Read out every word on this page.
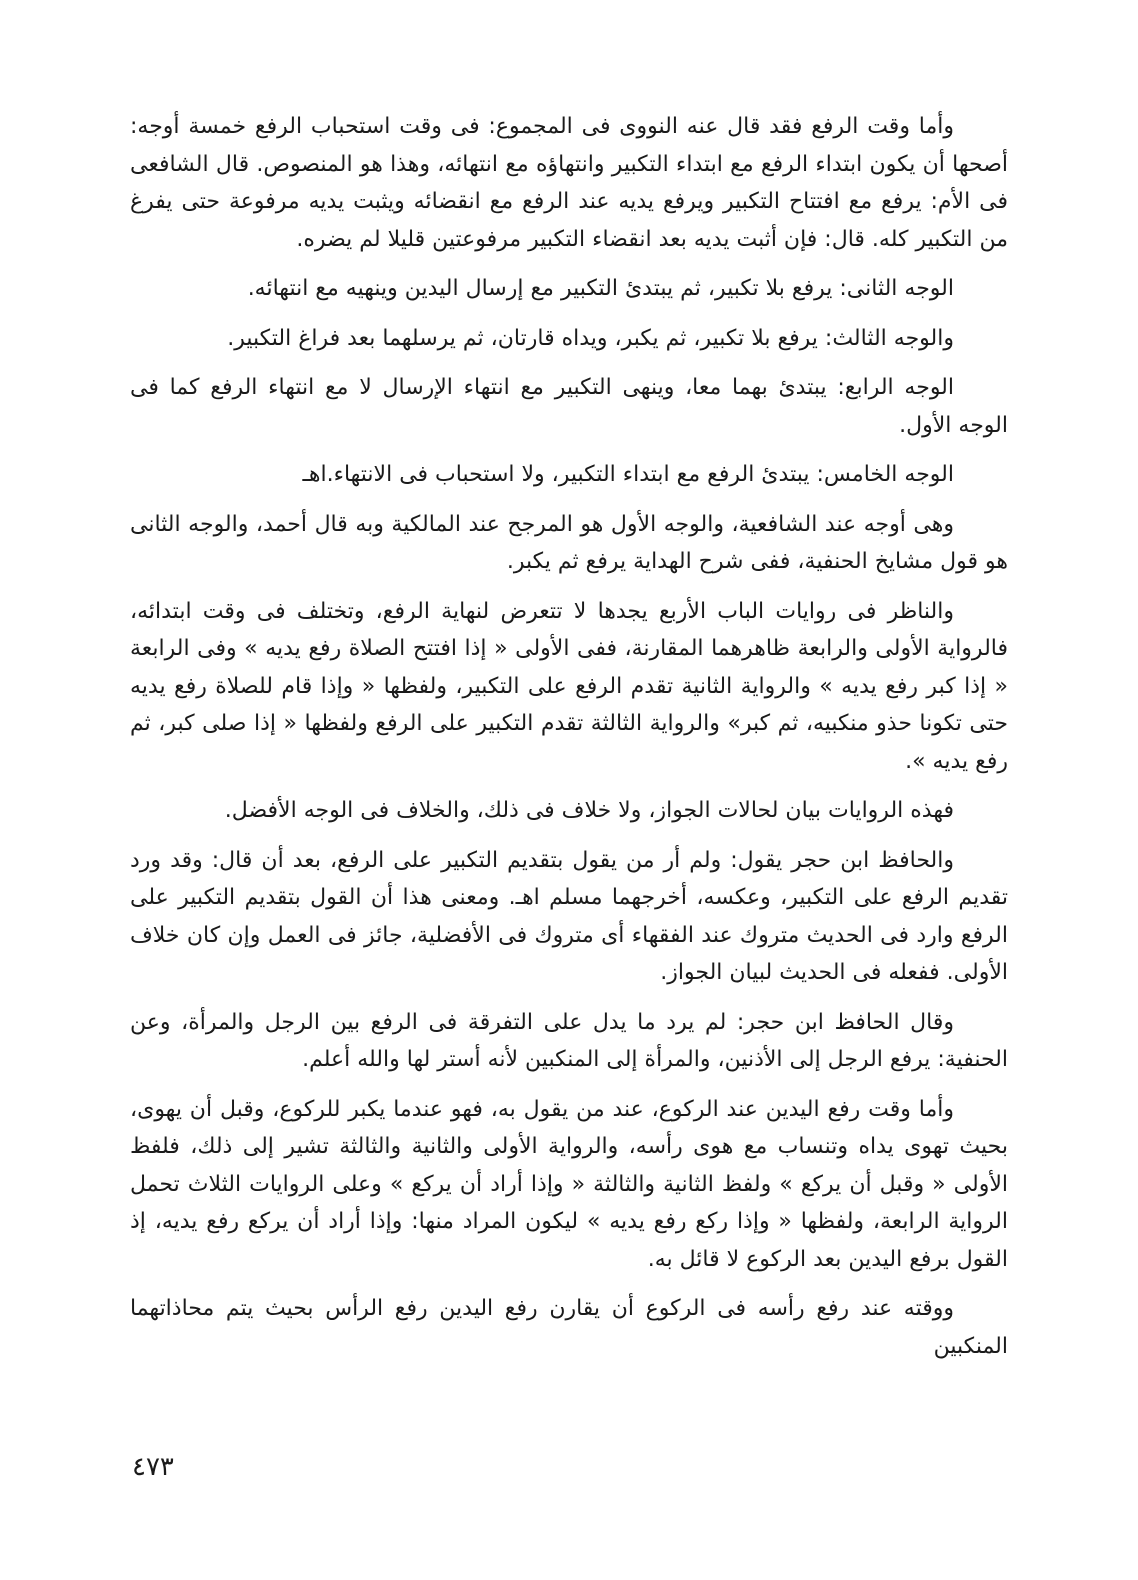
وأما وقت الرفع فقد قال عنه النووى فى المجموع: فى وقت استحباب الرفع خمسة أوجه: أصحها أن يكون ابتداء الرفع مع ابتداء التكبير وانتهاؤه مع انتهائه، وهذا هو المنصوص. قال الشافعى فى الأم: يرفع مع افتتاح التكبير ويرفع يديه عند الرفع مع انقضائه ويثبت يديه مرفوعة حتى يفرغ من التكبير كله. قال: فإن أثبت يديه بعد انقضاء التكبير مرفوعتين قليلا لم يضره.

الوجه الثانى: يرفع بلا تكبير، ثم يبتدئ التكبير مع إرسال اليدين وينهيه مع انتهائه.

والوجه الثالث: يرفع بلا تكبير، ثم يكبر، ويداه قارتان، ثم يرسلهما بعد فراغ التكبير.

الوجه الرابع: يبتدئ بهما معا، وينهى التكبير مع انتهاء الإرسال لا مع انتهاء الرفع كما فى الوجه الأول.

الوجه الخامس: يبتدئ الرفع مع ابتداء التكبير، ولا استحباب فى الانتهاء.اهـ

وهى أوجه عند الشافعية، والوجه الأول هو المرجح عند المالكية وبه قال أحمد، والوجه الثانى هو قول مشايخ الحنفية، ففى شرح الهداية يرفع ثم يكبر.

والناظر فى روايات الباب الأربع يجدها لا تتعرض لنهاية الرفع، وتختلف فى وقت ابتدائه، فالرواية الأولى والرابعة ظاهرهما المقارنة، ففى الأولى « إذا افتتح الصلاة رفع يديه » وفى الرابعة « إذا كبر رفع يديه » والرواية الثانية تقدم الرفع على التكبير، ولفظها « وإذا قام للصلاة رفع يديه حتى تكونا حذو منكبيه، ثم كبر» والرواية الثالثة تقدم التكبير على الرفع ولفظها « إذا صلى كبر، ثم رفع يديه ».

فهذه الروايات بيان لحالات الجواز، ولا خلاف فى ذلك، والخلاف فى الوجه الأفضل.

والحافظ ابن حجر يقول: ولم أر من يقول بتقديم التكبير على الرفع، بعد أن قال: وقد ورد تقديم الرفع على التكبير، وعكسه، أخرجهما مسلم اهـ. ومعنى هذا أن القول بتقديم التكبير على الرفع وارد فى الحديث متروك عند الفقهاء أى متروك فى الأفضلية، جائز فى العمل وإن كان خلاف الأولى. ففعله فى الحديث لبيان الجواز.

وقال الحافظ ابن حجر: لم يرد ما يدل على التفرقة فى الرفع بين الرجل والمرأة، وعن الحنفية: يرفع الرجل إلى الأذنين، والمرأة إلى المنكبين لأنه أستر لها والله أعلم.

وأما وقت رفع اليدين عند الركوع، عند من يقول به، فهو عندما يكبر للركوع، وقبل أن يهوى، بحيث تهوى يداه وتنساب مع هوى رأسه، والرواية الأولى والثانية والثالثة تشير إلى ذلك، فلفظ الأولى « وقبل أن يركع » ولفظ الثانية والثالثة « وإذا أراد أن يركع » وعلى الروايات الثلاث تحمل الرواية الرابعة، ولفظها « وإذا ركع رفع يديه » ليكون المراد منها: وإذا أراد أن يركع رفع يديه، إذ القول برفع اليدين بعد الركوع لا قائل به.

ووقته عند رفع رأسه فى الركوع أن يقارن رفع اليدين رفع الرأس بحيث يتم محاذاتهما المنكبين

٤٧٣
